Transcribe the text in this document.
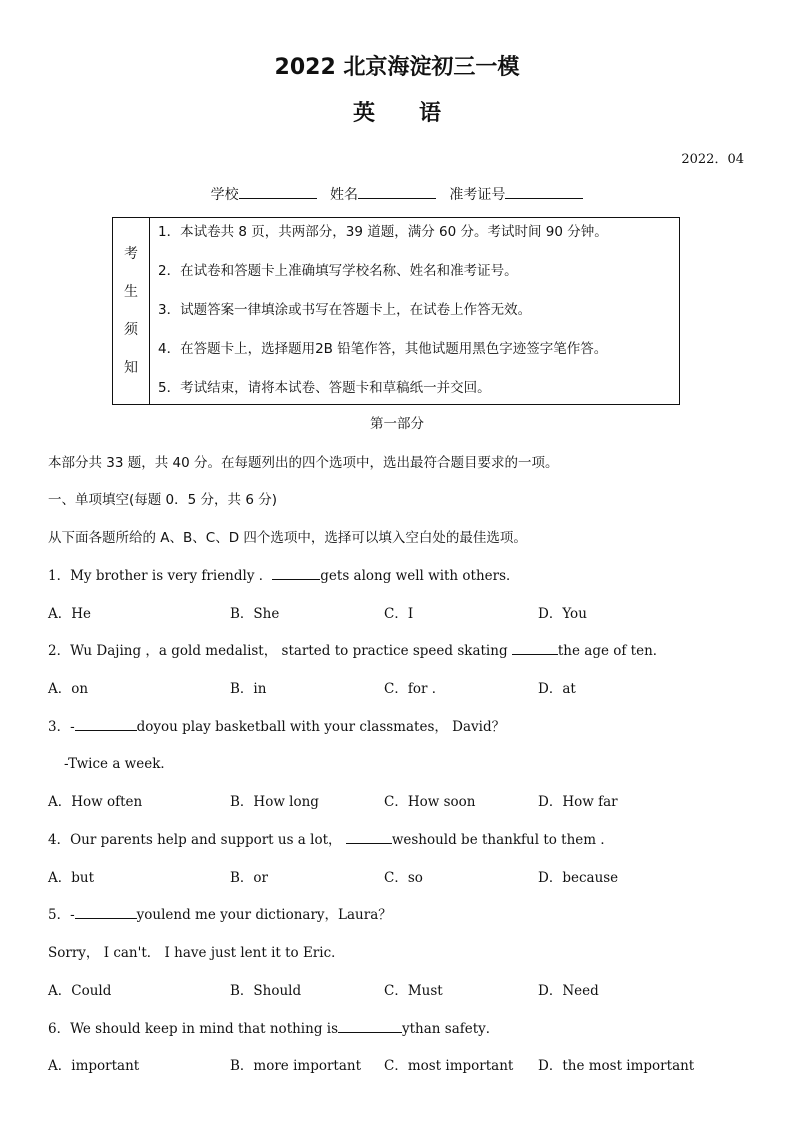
2022 北京海淀初三一模
英语
2022．04
学校	姓名	准考证号
考
生
须
知
1．本试卷共 8 页，共两部分，39 道题，满分 60 分。考试时间 90 分钟。
2．在试卷和答题卡上准确填写学校名称、姓名和准考证号。
3．试题答案一律填涂或书写在答题卡上，在试卷上作答无效。
4．在答题卡上，选择题用2B 铅笔作答，其他试题用黑色字迹签字笔作答。
5．考试结束，请将本试卷、答题卡和草稿纸一并交回。
第一部分
本部分共 33 题，共 40 分。在每题列出的四个选项中，选出最符合题目要求的一项。
一、单项填空(每题 0．5 分，共 6 分)
从下面各题所给的 A、B、C、D 四个选项中，选择可以填入空白处的最佳选项。
1．My brother is very friendly ．	gets along well with others．
A．He	B．She	C．I	D．You
2．Wu Dajing ，a gold medalist， started to practice speed skating	the age of ten．
A．on	B．in	C．for ．	D．at
3．-	doyou play basketball with your classmates， David？
-Twice a week．
A．How often	B．How long	C．How soon	D．How far
4．Our parents help and support us a lot，	weshould be thankful to them ．
A．but	B．or	C．so	D．because
5．-	youlend me your dictionary，Laura？
Sorry， I can't． I have just lent it to Eric．
A．Could	B．Should	C．Must	D．Need
6．We should keep in mind that nothing is	ythan safety．
A．important	B．more important C．most important D．the most important
